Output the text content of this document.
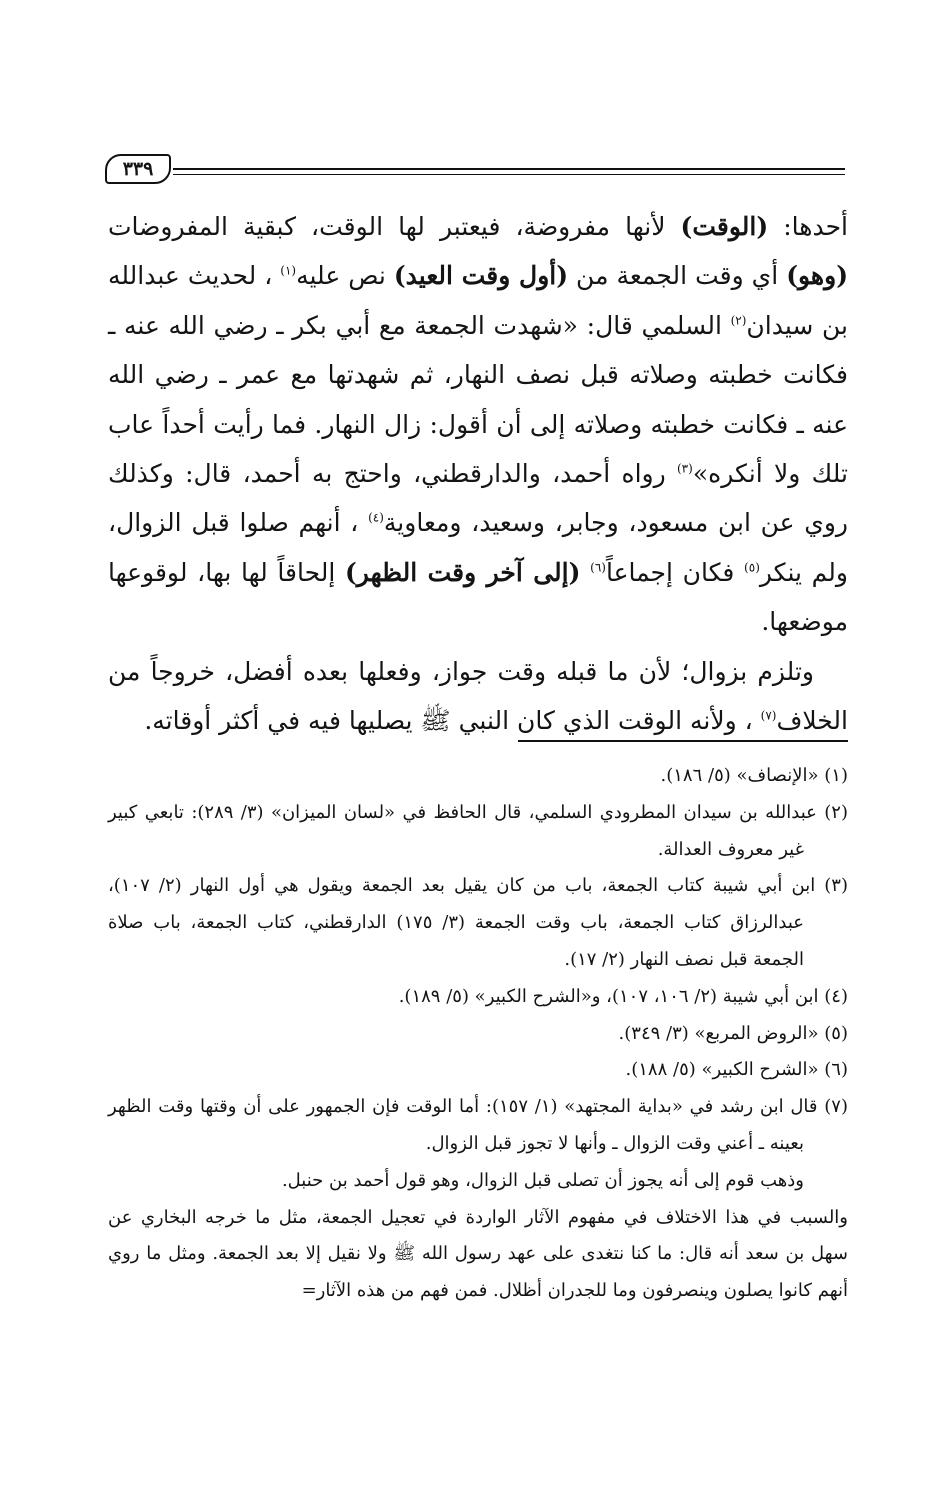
٣٣٩

أحدها: (الوقت) لأنها مفروضة، فيعتبر لها الوقت، كبقية المفروضات (وهو) أي وقت الجمعة من (أول وقت العيد) نص عليه$^{(١)}$ ، لحديث عبدالله بن سيدان$^{(٢)}$ السلمي قال: «شهدت الجمعة مع أبي بكر ـ رضي الله عنه ـ فكانت خطبته وصلاته قبل نصف النهار، ثم شهدتها مع عمر ـ رضي الله عنه ـ فكانت خطبته وصلاته إلى أن أقول: زال النهار. فما رأيت أحداً عاب تلك ولا أنكره»$^{(٣)}$ رواه أحمد، والدارقطني، واحتج به أحمد، قال: وكذلك روي عن ابن مسعود، وجابر، وسعيد، ومعاوية$^{(٤)}$ ، أنهم صلوا قبل الزوال، ولم ينكر$^{(٥)}$ فكان إجماعاً$^{(٦)}$ (إلى آخر وقت الظهر) إلحاقاً لها بها، لوقوعها موضعها.

وتلزم بزوال؛ لأن ما قبله وقت جواز، وفعلها بعده أفضل، خروجاً من الخلاف$^{(٧)}$ ، ولأنه الوقت الذي كان النبي ﷺ يصليها فيه في أكثر أوقاته.

(١) «الإنصاف» (٥/ ١٨٦).
(٢) عبدالله بن سيدان المطرودي السلمي، قال الحافظ في «لسان الميزان» (٣/ ٢٨٩): تابعي كبير غير معروف العدالة.
(٣) ابن أبي شيبة كتاب الجمعة، باب من كان يقيل بعد الجمعة ويقول هي أول النهار (٢/ ١٠٧)، عبدالرزاق كتاب الجمعة، باب وقت الجمعة (٣/ ١٧٥) الدارقطني، كتاب الجمعة، باب صلاة الجمعة قبل نصف النهار (٢/ ١٧).
(٤) ابن أبي شيبة (٢/ ١٠٦، ١٠٧)، و«الشرح الكبير» (٥/ ١٨٩).
(٥) «الروض المربع» (٣/ ٣٤٩).
(٦) «الشرح الكبير» (٥/ ١٨٨).
(٧) قال ابن رشد في «بداية المجتهد» (١/ ١٥٧): أما الوقت فإن الجمهور على أن وقتها وقت الظهر بعينه ـ أعني وقت الزوال ـ وأنها لا تجوز قبل الزوال.
وذهب قوم إلى أنه يجوز أن تصلى قبل الزوال، وهو قول أحمد بن حنبل.
والسبب في هذا الاختلاف في مفهوم الآثار الواردة في تعجيل الجمعة، مثل ما خرجه البخاري عن سهل بن سعد أنه قال: ما كنا نتغدى على عهد رسول الله ﷺ ولا نقيل إلا بعد الجمعة. ومثل ما روي أنهم كانوا يصلون وينصرفون وما للجدران أظلال. فمن فهم من هذه الآثار=
